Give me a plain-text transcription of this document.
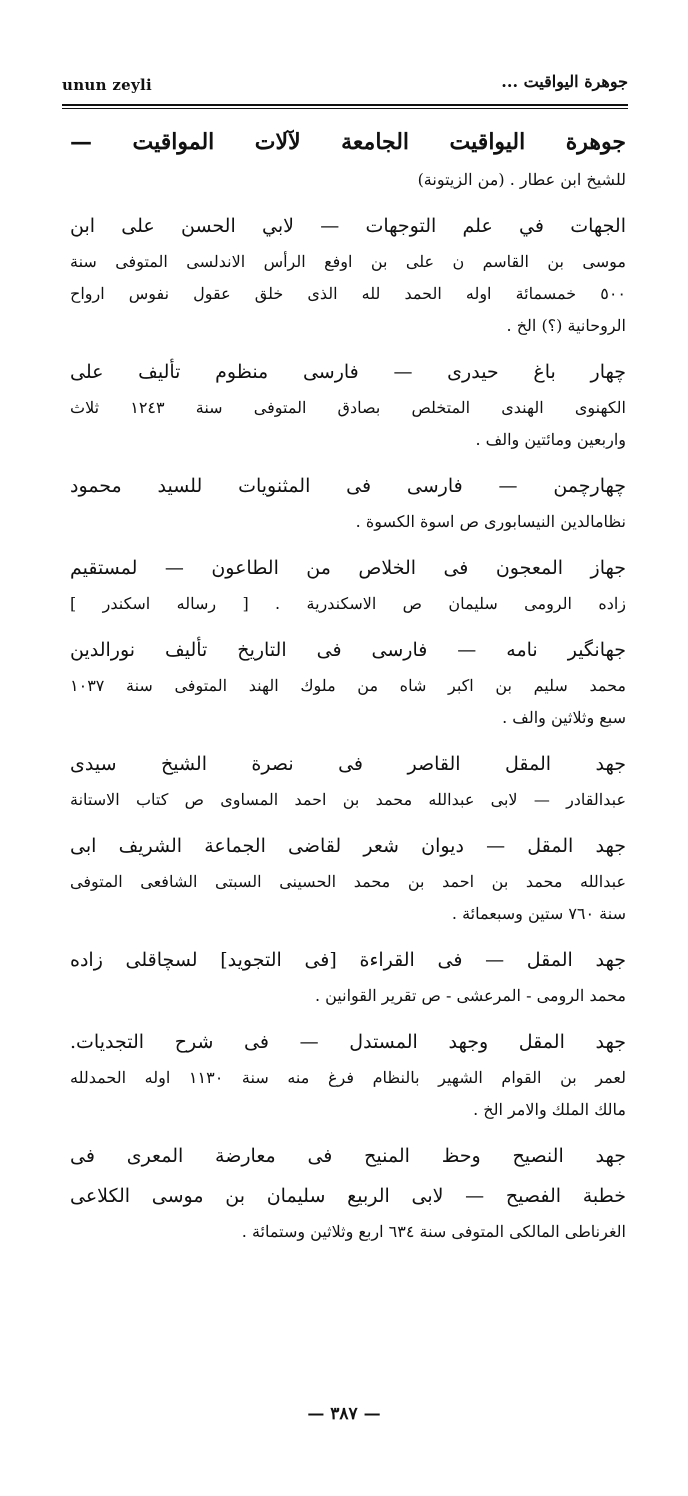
unun zeyli	جوهرة اليواقيت ...
جوهرة اليواقيت الجامعة لآلات المواقيت —
للشيخ ابن عطار . (من الزيتونة)
الجهات في علم التوجهات — لابي الحسن على ابن
موسى بن القاسم ن على بن اوفع الرأس الاندلسى المتوفى سنة
٥٠٠ خمسمائة اوله الحمد لله الذى خلق عقول نفوس ارواح
الروحانية (؟) الخ .
چهار باغ حيدرى — فارسى منظوم تأليف على
الكهنوى الهندى المتخلص بصادق المتوفى سنة ١٢٤٣ ثلاث
واربعين ومائتين والف .
چهارچمن — فارسى فى المثنويات للسيد محمود
نظامالدين النيسابورى ص اسوة الكسوة .
جهاز المعجون فى الخلاص من الطاعون — لمستقيم
زاده الرومى سليمان ص الاسكندرية . [ رساله اسكندر ]
جهانگير نامه — فارسى فى التاريخ تأليف نورالدين
محمد سليم بن اكبر شاه من ملوك الهند المتوفى سنة ١٠٣٧
سبع وثلاثين والف .
جهد المقل القاصر فى نصرة الشيخ سيدى
عبدالقادر — لابى عبدالله محمد بن احمد المساوى ص كتاب الاستانة
جهد المقل — ديوان شعر لقاضى الجماعة الشريف ابى
عبدالله محمد بن احمد بن محمد الحسينى السبتى الشافعى المتوفى
سنة ٧٦٠ ستين وسبعمائة .
جهد المقل — فى القراءة [فى التجويد] لسچاقلى زاده
محمد الرومى - المرعشى - ص تقرير القوانين .
جهد المقل وجهد المستدل — فى شرح التجديات.
لعمر بن القوام الشهير بالنظام فرغ منه سنة ١١٣٠ اوله الحمدلله
مالك الملك والامر الخ .
جهد النصيح وحظ المنيح فى معارضة المعرى فى
خطبة الفصيح — لابى الربيع سليمان بن موسى الكلاعى
الغرناطى المالكى المتوفى سنة ٦٣٤ اربع وثلاثين وستمائة .
— ٣٨٧ —
